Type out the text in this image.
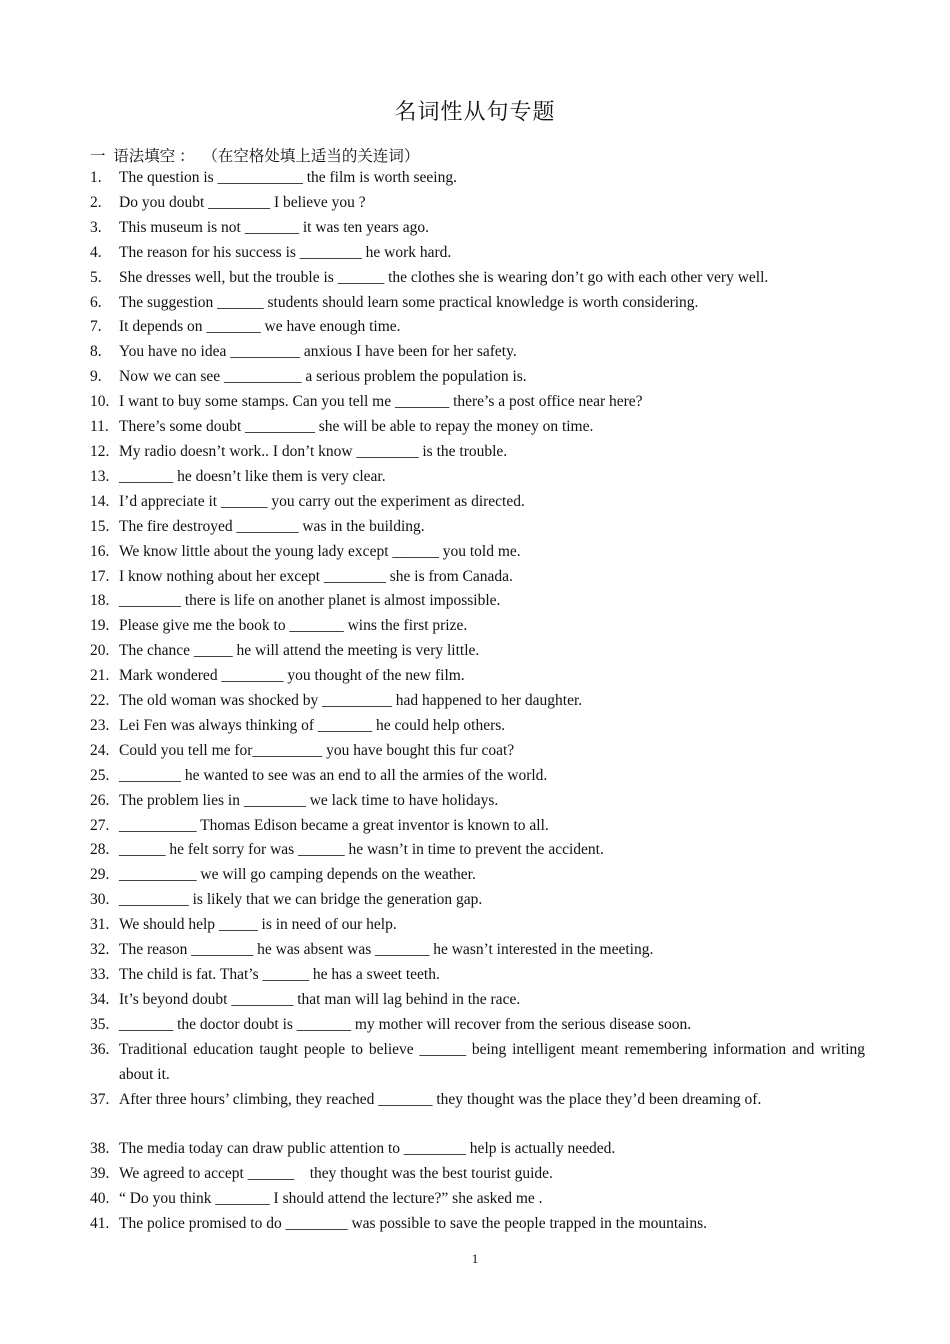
名词性从句专题
一  语法填空 ：  （在空格处填上适当的关连词）
1.	The question is ___________ the film is worth seeing.
2.	Do you doubt ________ I believe you ?
3.	This museum is not _______ it was ten years ago.
4.	The reason for his success is ________ he work hard.
5.	She dresses well, but the trouble is ______ the clothes she is wearing don’t go with each other very well.
6.	The suggestion ______ students should learn some practical knowledge is worth considering.
7.	It depends on _______ we have enough time.
8.	You have no idea _________ anxious I have been for her safety.
9.	Now we can see __________ a serious problem the population is.
10. I want to buy some stamps. Can you tell me _______ there’s a post office near here?
11. There’s some doubt _________ she will be able to repay the money on time.
12. My radio doesn’t work.. I don’t know ________ is the trouble.
13. _______ he doesn’t like them is very clear.
14. I’d appreciate it ______ you carry out the experiment as directed.
15. The fire destroyed ________ was in the building.
16. We know little about the young lady except ______ you told me.
17. I know nothing about her except ________ she is from Canada.
18. ________ there is life on another planet is almost impossible.
19. Please give me the book to _______ wins the first prize.
20. The chance _____ he will attend the meeting is very little.
21. Mark wondered ________ you thought of the new film.
22. The old woman was shocked by _________ had happened to her daughter.
23. Lei Fen was always thinking of _______ he could help others.
24. Could you tell me for_________ you have bought this fur coat?
25. ________ he wanted to see was an end to all the armies of the world.
26. The problem lies in ________ we lack time to have holidays.
27. __________ Thomas Edison became a great inventor is known to all.
28. ______ he felt sorry for was ______ he wasn’t in time to prevent the accident.
29. __________ we will go camping depends on the weather.
30. _________ is likely that we can bridge the generation gap.
31. We should help _____ is in need of our help.
32. The reason ________ he was absent was _______ he wasn’t interested in the meeting.
33. The child is fat. That’s ______ he has a sweet teeth.
34. It’s beyond doubt ________ that man will lag behind in the race.
35. _______ the doctor doubt is _______ my mother will recover from the serious disease soon.
36. Traditional education taught people to believe ______ being intelligent meant remembering information and writing about it.
37. After three hours’ climbing, they reached _______ they thought was the place they’d been dreaming of.
38. The media today can draw public attention to ________ help is actually needed.
39. We agreed to accept ______    they thought was the best tourist guide.
40. “ Do you think _______ I should attend the lecture?” she asked me .
41. The police promised to do ________ was possible to save the people trapped in the mountains.
1
